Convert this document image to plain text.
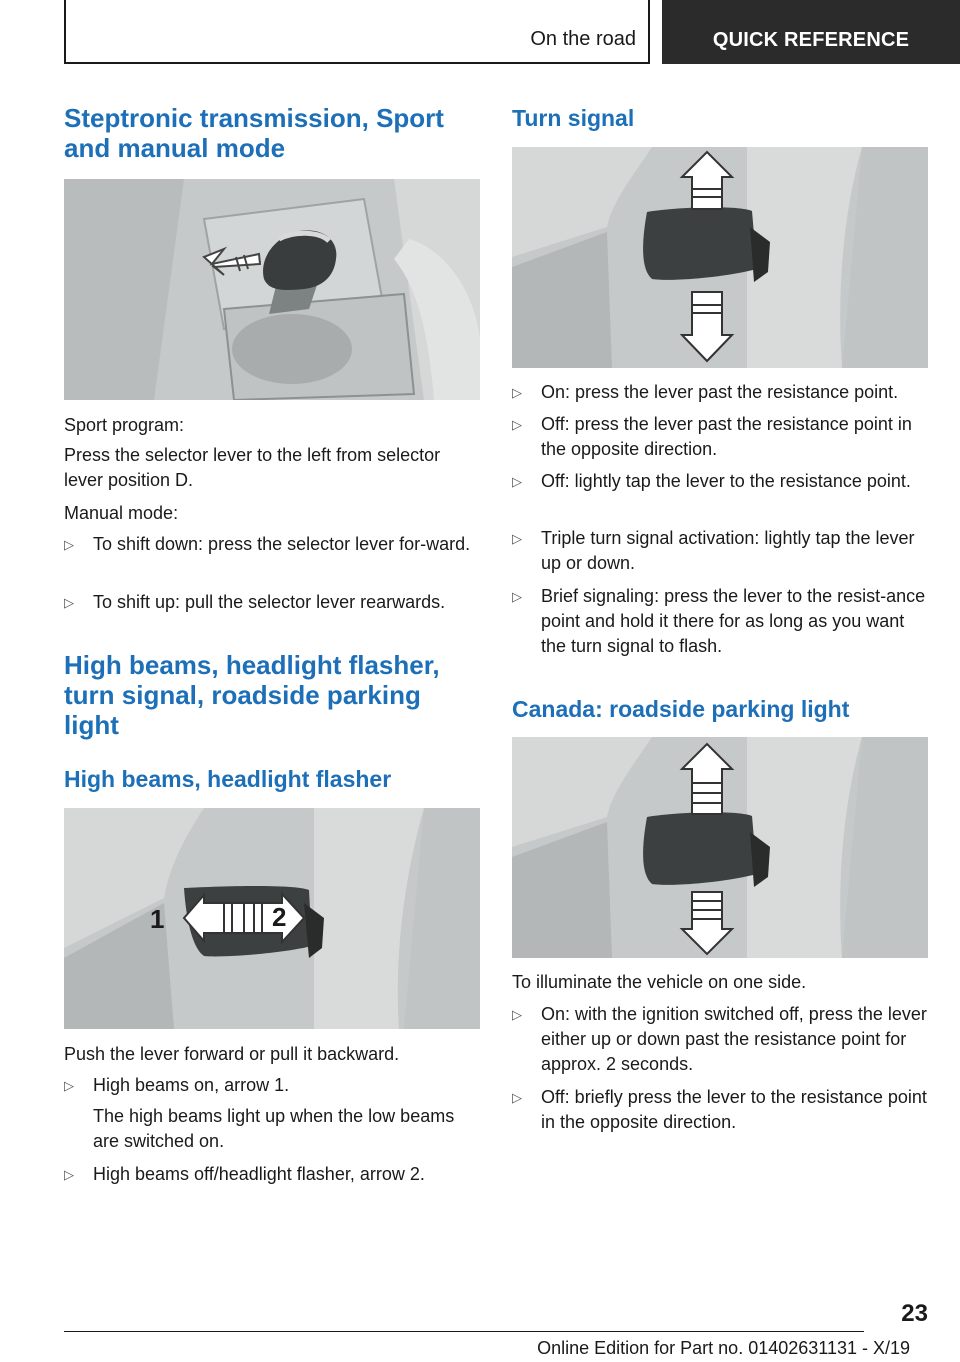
On the road	QUICK REFERENCE
Steptronic transmission, Sport and manual mode

Sport program:

Press the selector lever to the left from selector lever position D.

Manual mode:

▷ To shift down: press the selector lever for-ward.
▷ To shift up: pull the selector lever rearwards.
High beams, headlight flasher, turn signal, roadside parking light
High beams, headlight flasher
1	2

Push the lever forward or pull it backward.

▷ High beams on, arrow 1.

The high beams light up when the low beams are switched on.

▷ High beams off/headlight flasher, arrow 2.
Turn signal
▷ On: press the lever past the resistance point.
▷ Off: press the lever past the resistance point in the opposite direction.
▷ Off: lightly tap the lever to the resistance point.
▷ Triple turn signal activation: lightly tap the lever up or down.
▷ Brief signaling: press the lever to the resist-ance point and hold it there for as long as you want the turn signal to flash.
Canada: roadside parking light

To illuminate the vehicle on one side.

▷ On: with the ignition switched off, press the lever either up or down past the resistance point for approx. 2 seconds.
▷ Off: briefly press the lever to the resistance point in the opposite direction.
23
Online Edition for Part no. 01402631131 - X/19
